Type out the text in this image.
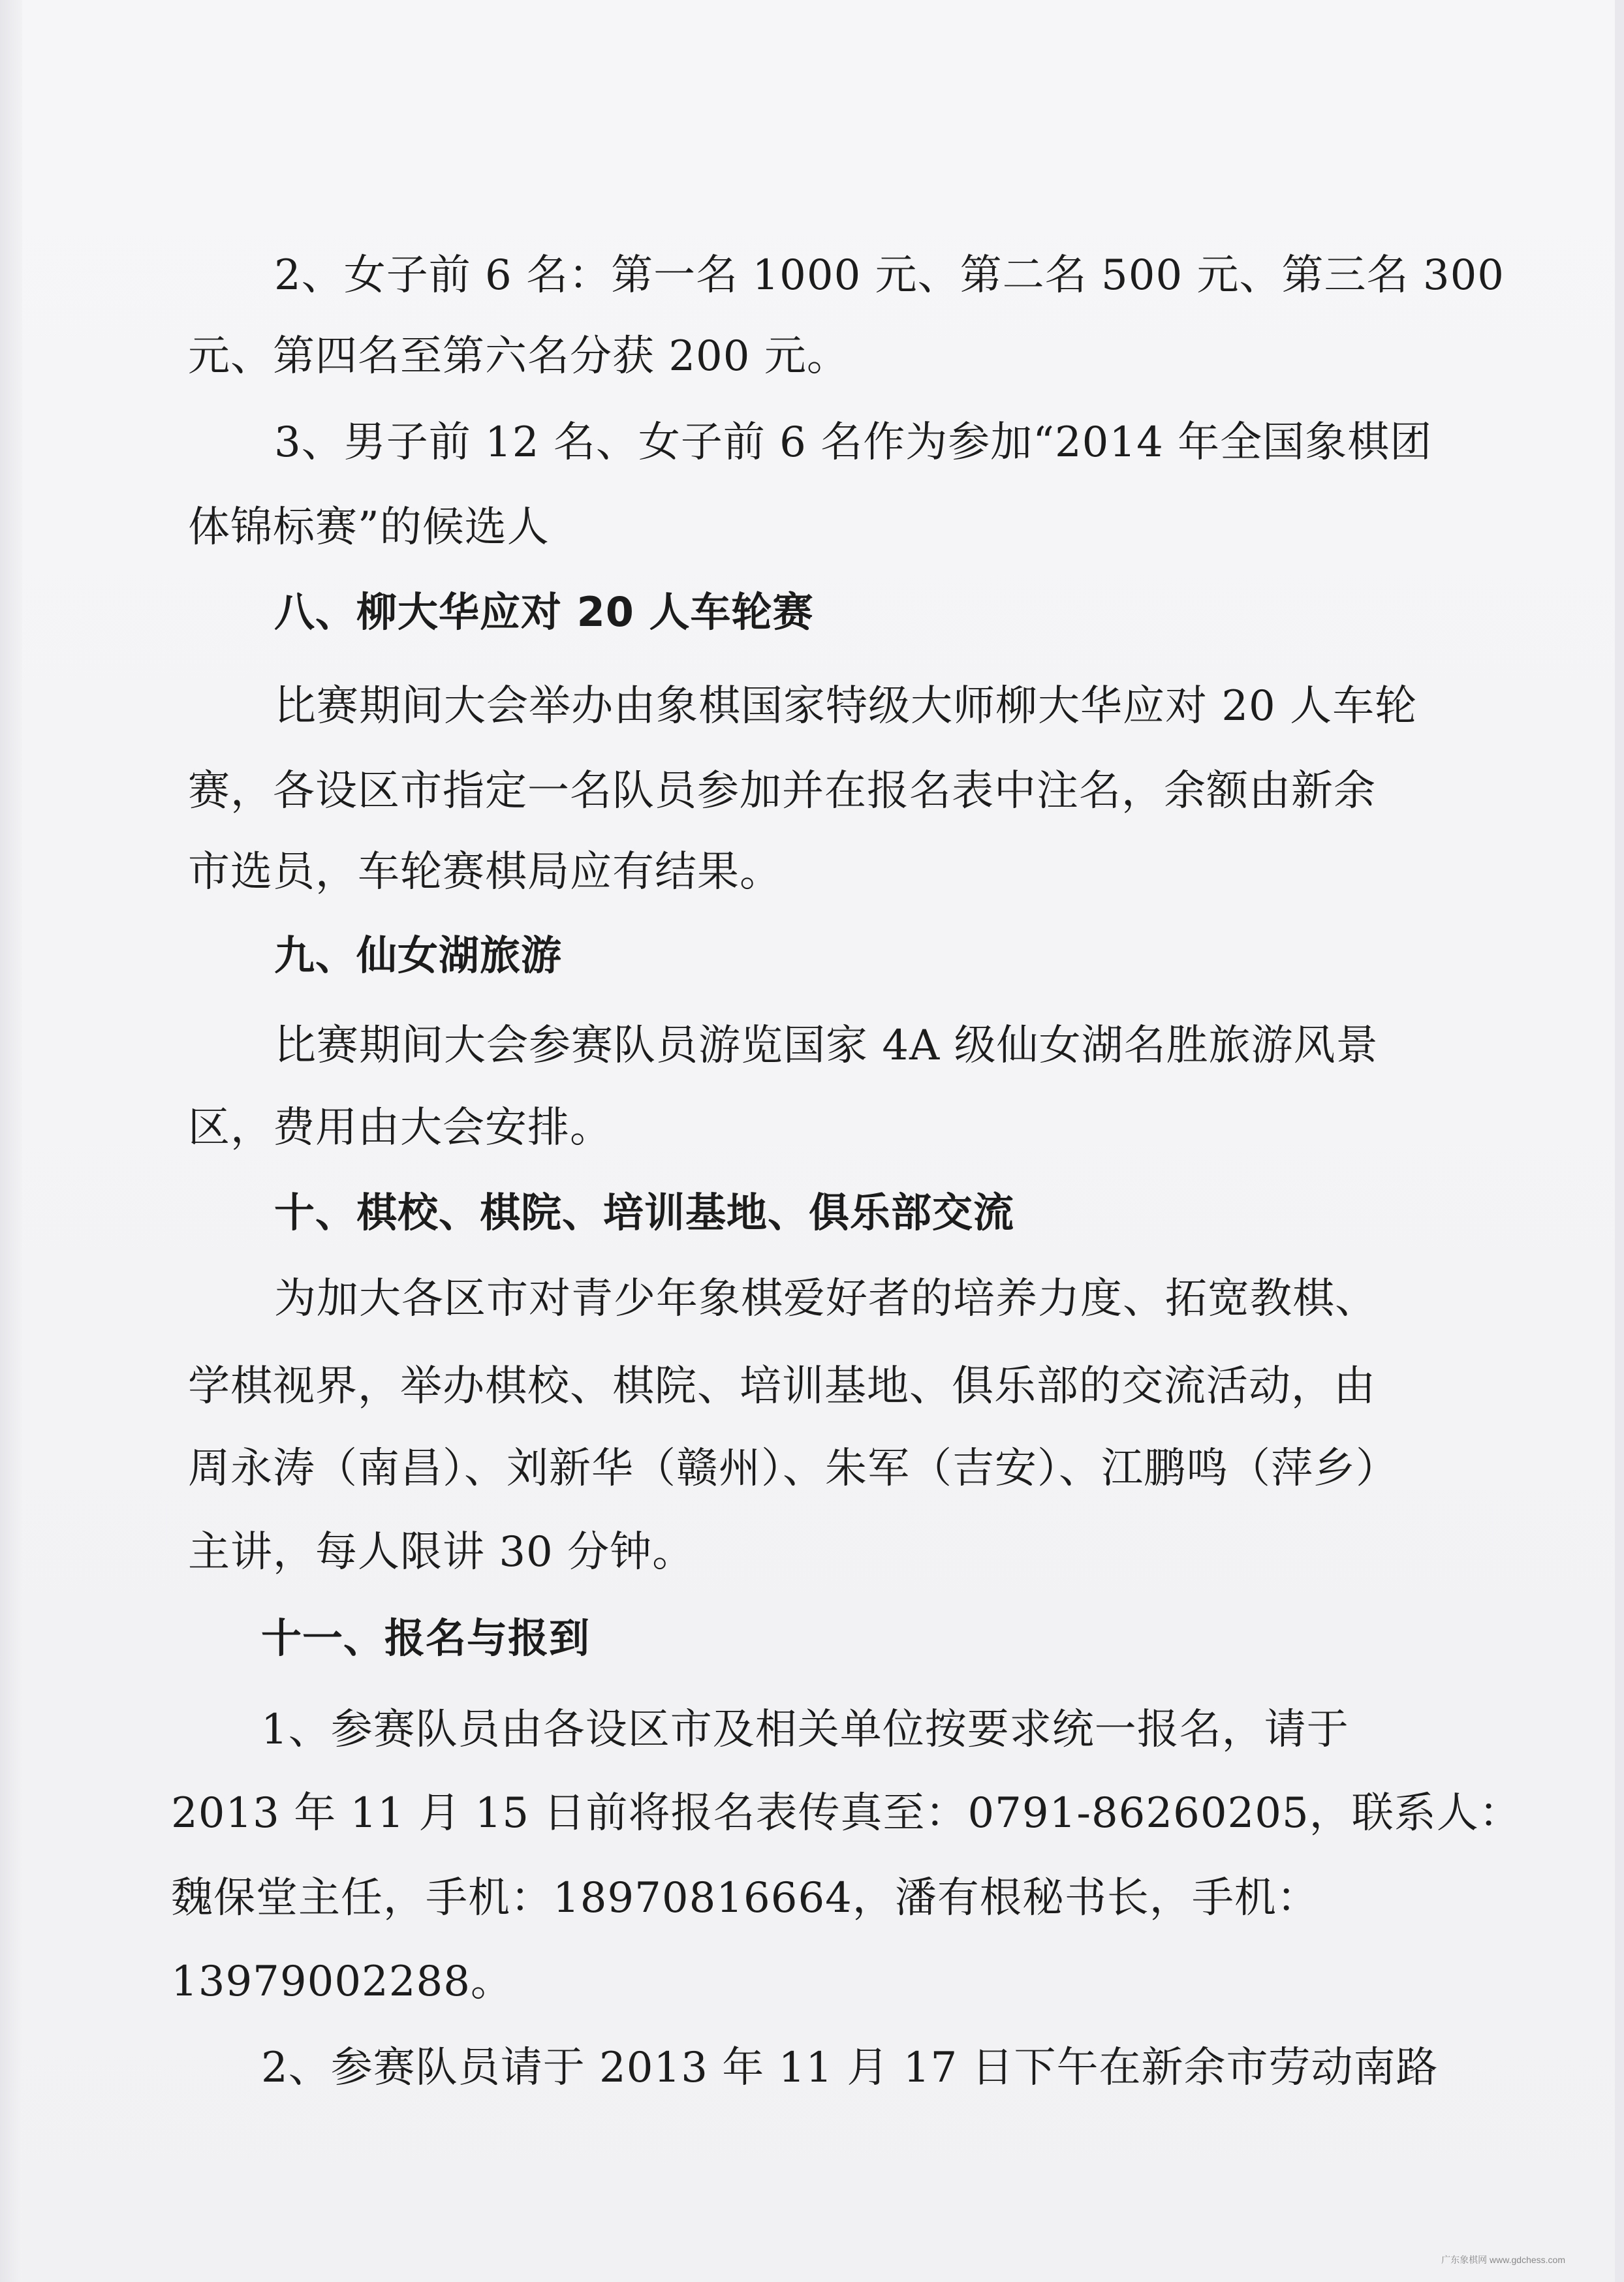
2、女子前 6 名：第一名 1000 元、第二名 500 元、第三名 300
元、第四名至第六名分获 200 元。
3、男子前 12 名、女子前 6 名作为参加“2014 年全国象棋团
体锦标赛”的候选人
八、柳大华应对 20 人车轮赛
比赛期间大会举办由象棋国家特级大师柳大华应对 20 人车轮
赛，各设区市指定一名队员参加并在报名表中注名，余额由新余
市选员，车轮赛棋局应有结果。
九、仙女湖旅游
比赛期间大会参赛队员游览国家 4A 级仙女湖名胜旅游风景
区，费用由大会安排。
十、棋校、棋院、培训基地、俱乐部交流
为加大各区市对青少年象棋爱好者的培养力度、拓宽教棋、
学棋视界，举办棋校、棋院、培训基地、俱乐部的交流活动，由
周永涛（南昌）、刘新华（赣州）、朱军（吉安）、江鹏鸣（萍乡）
主讲，每人限讲 30 分钟。
十一、报名与报到
1、参赛队员由各设区市及相关单位按要求统一报名，请于
2013 年 11 月 15 日前将报名表传真至：0791-86260205，联系人：
魏保堂主任，手机：18970816664，潘有根秘书长，手机：
13979002288。
2、参赛队员请于 2013 年 11 月 17 日下午在新余市劳动南路
广东象棋网 www.gdchess.com
